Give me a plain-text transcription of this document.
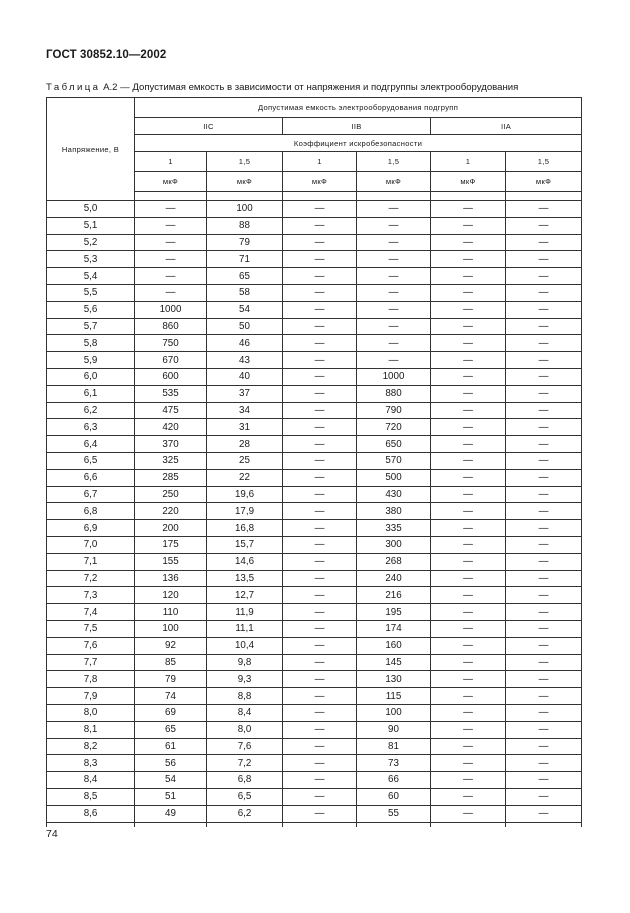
ГОСТ 30852.10—2002
Таблица А.2 — Допустимая емкость в зависимости от напряжения и подгруппы электрооборудования
Напряжение, В	Допустимая емкость электрооборудования подгрупп					
	IIC		IIB		IIA	
	Коэффициент искробезопасности					
	1	1,5	1	1,5	1	1,5
	мкФ	мкФ	мкФ	мкФ	мкФ	мкФ

5,0	—	100	—	—	—	—
5,1	—	88	—	—	—	—
5,2	—	79	—	—	—	—
5,3	—	71	—	—	—	—
5,4	—	65	—	—	—	—
5,5	—	58	—	—	—	—
5,6	1000	54	—	—	—	—
5,7	860	50	—	—	—	—
5,8	750	46	—	—	—	—
5,9	670	43	—	—	—	—
6,0	600	40	—	1000	—	—
6,1	535	37	—	880	—	—
6,2	475	34	—	790	—	—
6,3	420	31	—	720	—	—
6,4	370	28	—	650	—	—
6,5	325	25	—	570	—	—
6,6	285	22	—	500	—	—
6,7	250	19,6	—	430	—	—
6,8	220	17,9	—	380	—	—
6,9	200	16,8	—	335	—	—
7,0	175	15,7	—	300	—	—
7,1	155	14,6	—	268	—	—
7,2	136	13,5	—	240	—	—
7,3	120	12,7	—	216	—	—
7,4	110	11,9	—	195	—	—
7,5	100	11,1	—	174	—	—
7,6	92	10,4	—	160	—	—
7,7	85	9,8	—	145	—	—
7,8	79	9,3	—	130	—	—
7,9	74	8,8	—	115	—	—
8,0	69	8,4	—	100	—	—
8,1	65	8,0	—	90	—	—
8,2	61	7,6	—	81	—	—
8,3	56	7,2	—	73	—	—
8,4	54	6,8	—	66	—	—
8,5	51	6,5	—	60	—	—
8,6	49	6,2	—	55	—	—

74
